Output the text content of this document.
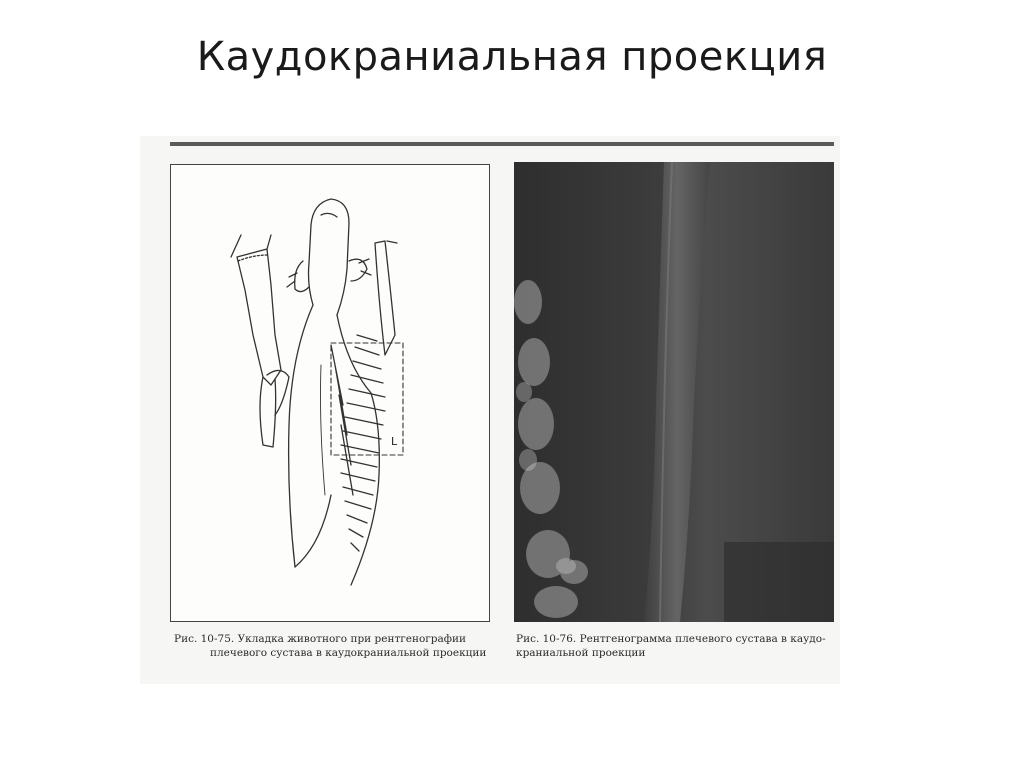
Каудокраниальная проекция
L
Рис. 10-75. Укладка животного при рентгенографии
плечевого сустава в каудокраниальной проекции
Рис. 10-76. Рентгенограмма плечевого сустава в каудо-
краниальной проекции
